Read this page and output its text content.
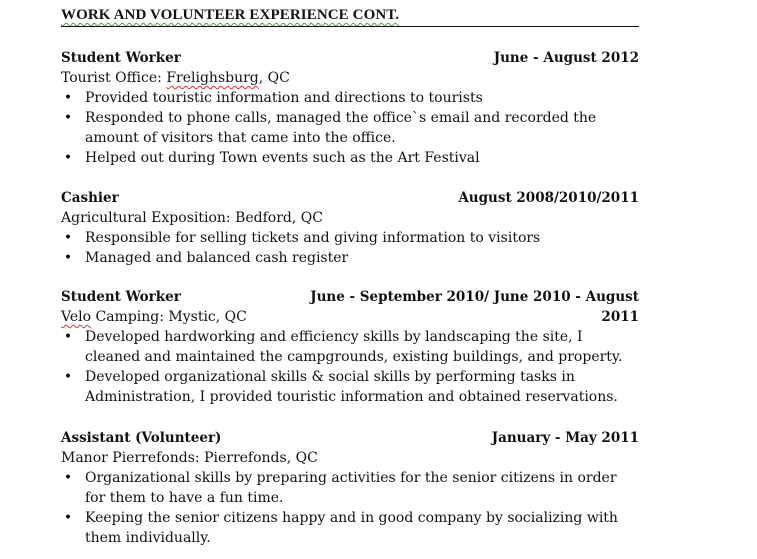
WORK AND VOLUNTEER EXPERIENCE CONT.
Student Worker	June - August 2012
Tourist Office: Frelighsburg, QC
• Provided touristic information and directions to tourists
• Responded to phone calls, managed the office`s email and recorded the amount of visitors that came into the office.
• Helped out during Town events such as the Art Festival
Cashier	August 2008/2010/2011
Agricultural Exposition: Bedford, QC
• Responsible for selling tickets and giving information to visitors
• Managed and balanced cash register
Student Worker	June - September 2010/ June 2010 - August 2011
Velo Camping: Mystic, QC
• Developed hardworking and efficiency skills by landscaping the site, I cleaned and maintained the campgrounds, existing buildings, and property.
• Developed organizational skills & social skills by performing tasks in Administration, I provided touristic information and obtained reservations.
Assistant (Volunteer)	January - May 2011
Manor Pierrefonds: Pierrefonds, QC
• Organizational skills by preparing activities for the senior citizens in order for them to have a fun time.
• Keeping the senior citizens happy and in good company by socializing with them individually.
